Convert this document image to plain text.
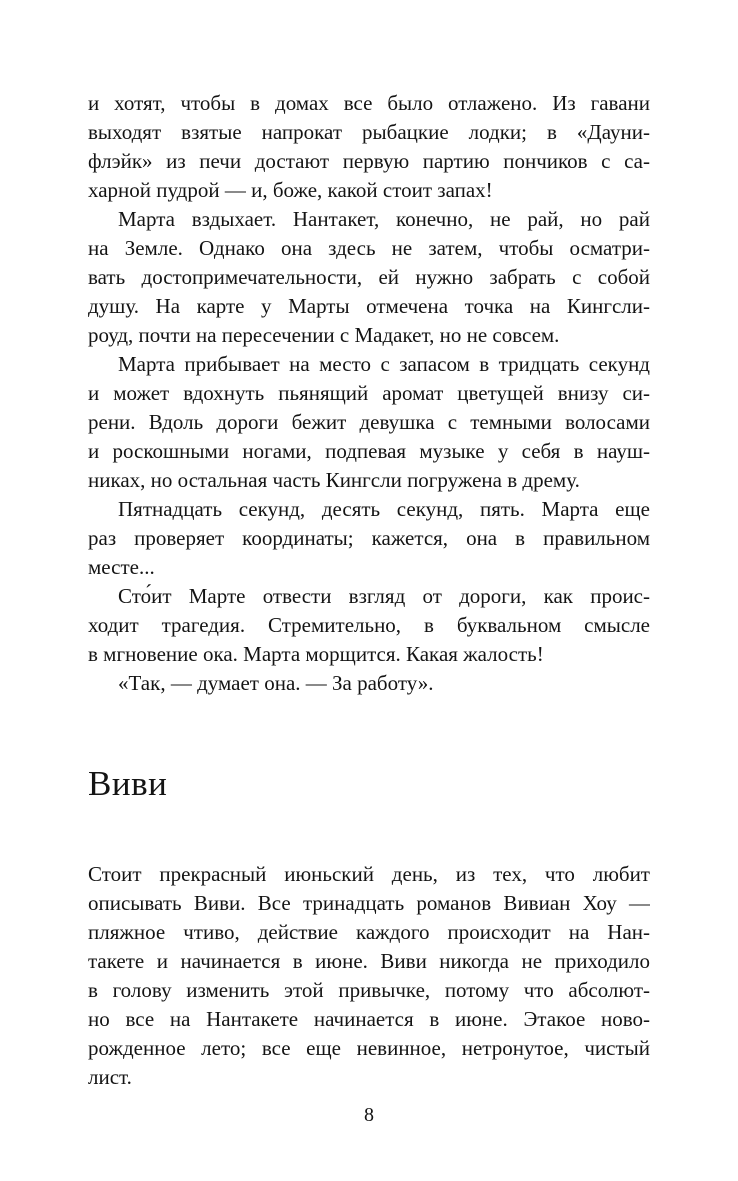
и хотят, чтобы в домах все было отлажено. Из гавани
выходят взятые напрокат рыбацкие лодки; в «Дауни-
флэйк» из печи достают первую партию пончиков с са-
харной пудрой — и, боже, какой стоит запах!

Марта вздыхает. Нантакет, конечно, не рай, но рай
на Земле. Однако она здесь не затем, чтобы осматри-
вать достопримечательности, ей нужно забрать с собой
душу. На карте у Марты отмечена точка на Кингсли-
роуд, почти на пересечении с Мадакет, но не совсем.

Марта прибывает на место с запасом в тридцать секунд
и может вдохнуть пьянящий аромат цветущей внизу си-
рени. Вдоль дороги бежит девушка с темными волосами
и роскошными ногами, подпевая музыке у себя в науш-
никах, но остальная часть Кингсли погружена в дрему.

Пятнадцать секунд, десять секунд, пять. Марта еще
раз проверяет координаты; кажется, она в правильном
месте...

Сто́ит Марте отвести взгляд от дороги, как проис-
ходит трагедия. Стремительно, в буквальном смысле
в мгновение ока. Марта морщится. Какая жалость!

«Так, — думает она. — За работу».

Виви

Стоит прекрасный июньский день, из тех, что любит
описывать Виви. Все тринадцать романов Вивиан Хоу —
пляжное чтиво, действие каждого происходит на Нан-
такете и начинается в июне. Виви никогда не приходило
в голову изменить этой привычке, потому что абсолют-
но все на Нантакете начинается в июне. Этакое ново-
рожденное лето; все еще невинное, нетронутое, чистый
лист.

8
